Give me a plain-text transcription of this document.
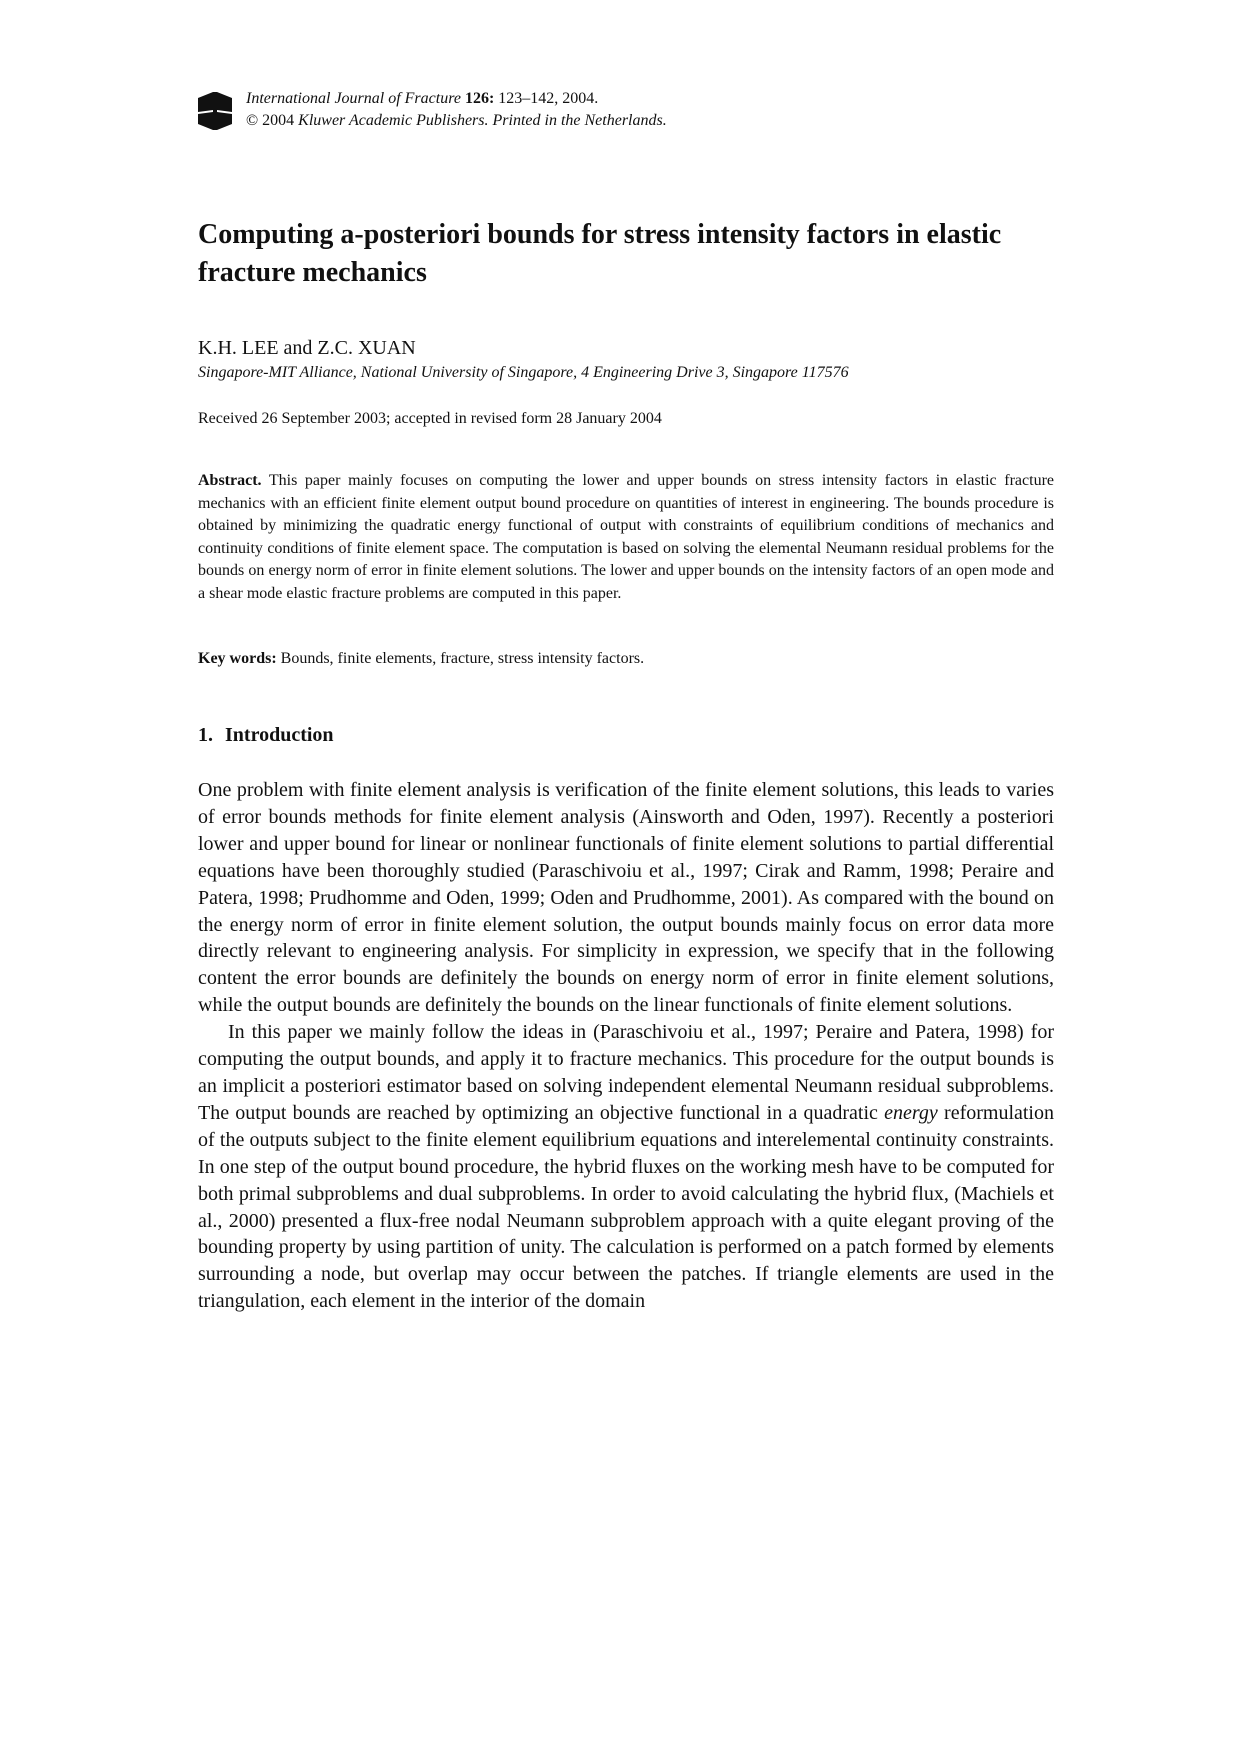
International Journal of Fracture 126: 123–142, 2004.
© 2004 Kluwer Academic Publishers. Printed in the Netherlands.
Computing a-posteriori bounds for stress intensity factors in elastic fracture mechanics
K.H. LEE and Z.C. XUAN
Singapore-MIT Alliance, National University of Singapore, 4 Engineering Drive 3, Singapore 117576
Received 26 September 2003; accepted in revised form 28 January 2004

Abstract. This paper mainly focuses on computing the lower and upper bounds on stress intensity factors in elastic fracture mechanics with an efficient finite element output bound procedure on quantities of interest in engineering. The bounds procedure is obtained by minimizing the quadratic energy functional of output with constraints of equilibrium conditions of mechanics and continuity conditions of finite element space. The computation is based on solving the elemental Neumann residual problems for the bounds on energy norm of error in finite element solutions. The lower and upper bounds on the intensity factors of an open mode and a shear mode elastic fracture problems are computed in this paper.

Key words: Bounds, finite elements, fracture, stress intensity factors.
1. Introduction

One problem with finite element analysis is verification of the finite element solutions, this leads to varies of error bounds methods for finite element analysis (Ainsworth and Oden, 1997). Recently a posteriori lower and upper bound for linear or nonlinear functionals of finite element solutions to partial differential equations have been thoroughly studied (Paraschivoiu et al., 1997; Cirak and Ramm, 1998; Peraire and Patera, 1998; Prudhomme and Oden, 1999; Oden and Prudhomme, 2001). As compared with the bound on the energy norm of error in finite element solution, the output bounds mainly focus on error data more directly relevant to engineering analysis. For simplicity in expression, we specify that in the following content the error bounds are definitely the bounds on energy norm of error in finite element solutions, while the output bounds are definitely the bounds on the linear functionals of finite element solutions.

In this paper we mainly follow the ideas in (Paraschivoiu et al., 1997; Peraire and Patera, 1998) for computing the output bounds, and apply it to fracture mechanics. This procedure for the output bounds is an implicit a posteriori estimator based on solving independent elemental Neumann residual subproblems. The output bounds are reached by optimizing an objective functional in a quadratic energy reformulation of the outputs subject to the finite element equilibrium equations and interelemental continuity constraints. In one step of the output bound procedure, the hybrid fluxes on the working mesh have to be computed for both primal subproblems and dual subproblems. In order to avoid calculating the hybrid flux, (Machiels et al., 2000) presented a flux-free nodal Neumann subproblem approach with a quite elegant proving of the bounding property by using partition of unity. The calculation is performed on a patch formed by elements surrounding a node, but overlap may occur between the patches. If triangle elements are used in the triangulation, each element in the interior of the domain
